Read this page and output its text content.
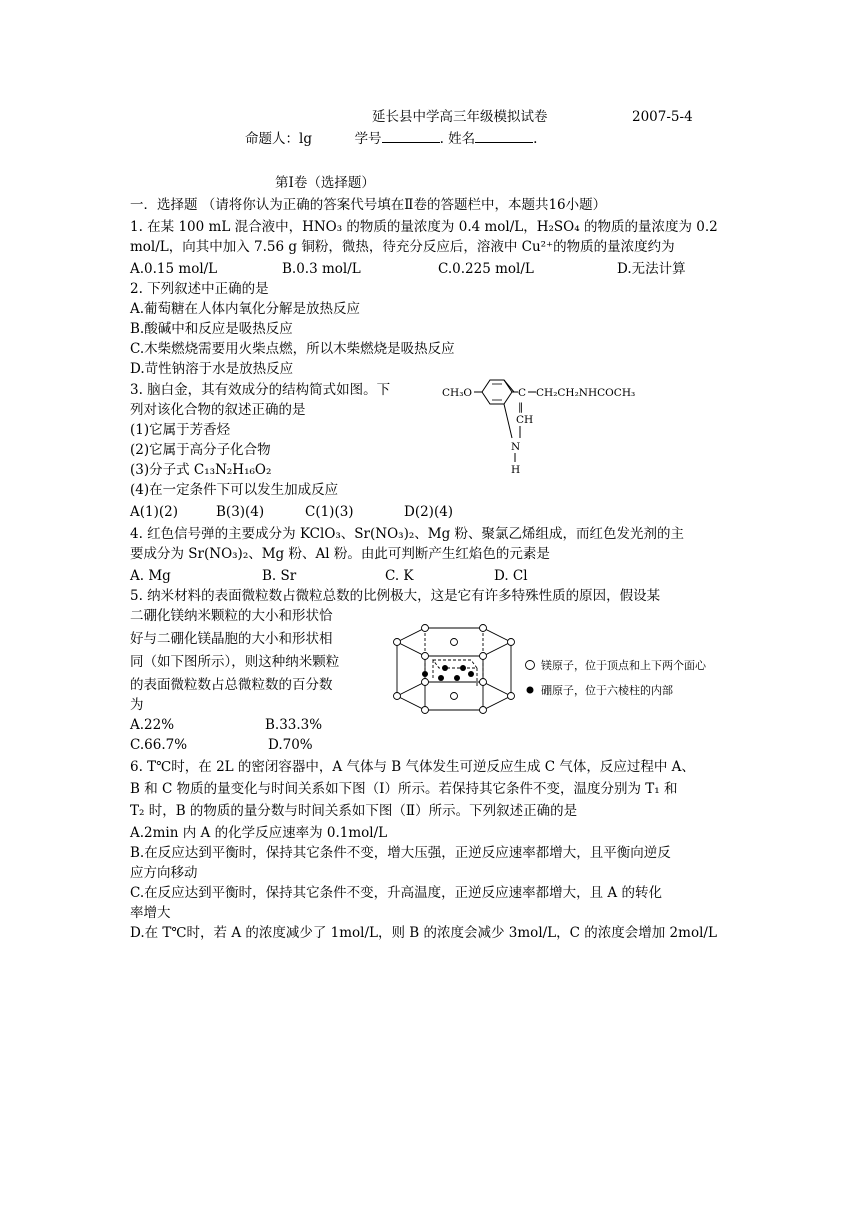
延长县中学高三年级模拟试卷	2007-5-4
命题人：lg	学号	. 姓名	.
第Ⅰ卷（选择题）
一．选择题 （请将你认为正确的答案代号填在Ⅱ卷的答题栏中，本题共16小题）
1. 在某 100 mL 混合液中，HNO₃ 的物质的量浓度为 0.4 mol/L，H₂SO₄ 的物质的量浓度为 0.2
mol/L，向其中加入 7.56 g 铜粉，微热，待充分反应后，溶液中 Cu²⁺的物质的量浓度约为
A.0.15 mol/L	B.0.3 mol/L	C.0.225 mol/L	D.无法计算
2. 下列叙述中正确的是
A.葡萄糖在人体内氧化分解是放热反应
B.酸碱中和反应是吸热反应
C.木柴燃烧需要用火柴点燃，所以木柴燃烧是吸热反应
D.苛性钠溶于水是放热反应
3. 脑白金，其有效成分的结构简式如图。下
列对该化合物的叙述正确的是
(1)它属于芳香烃
(2)它属于高分子化合物
(3)分子式 C₁₃N₂H₁₆O₂
(4)在一定条件下可以发生加成反应
A(1)(2)	B(3)(4)	C(1)(3)	D(2)(4)
CH₃O	C CH₂CH₂NHCOCH₃
‖
CH
N
H
4. 红色信号弹的主要成分为 KClO₃、Sr(NO₃)₂、Mg 粉、聚氯乙烯组成，而红色发光剂的主
要成分为 Sr(NO₃)₂、Mg 粉、Al 粉。由此可判断产生红焰色的元素是
A. Mg	B. Sr	C. K	D. Cl
5. 纳米材料的表面微粒数占微粒总数的比例极大，这是它有许多特殊性质的原因，假设某
二硼化镁纳米颗粒的大小和形状恰
好与二硼化镁晶胞的大小和形状相
同（如下图所示），则这种纳米颗粒
的表面微粒数占总微粒数的百分数
为
A.22%	B.33.3%
C.66.7%	D.70%
镁原子，位于顶点和上下两个面心
硼原子，位于六棱柱的内部
6. T℃时，在 2L 的密闭容器中，A 气体与 B 气体发生可逆反应生成 C 气体，反应过程中 A、
B 和 C 物质的量变化与时间关系如下图（Ⅰ）所示。若保持其它条件不变，温度分别为 T₁ 和
T₂ 时，B 的物质的量分数与时间关系如下图（Ⅱ）所示。下列叙述正确的是
A.2min 内 A 的化学反应速率为 0.1mol/L
B.在反应达到平衡时，保持其它条件不变，增大压强，正逆反应速率都增大，且平衡向逆反
应方向移动
C.在反应达到平衡时，保持其它条件不变，升高温度，正逆反应速率都增大，且 A 的转化
率增大
D.在 T℃时，若 A 的浓度减少了 1mol/L，则 B 的浓度会减少 3mol/L，C 的浓度会增加 2mol/L
